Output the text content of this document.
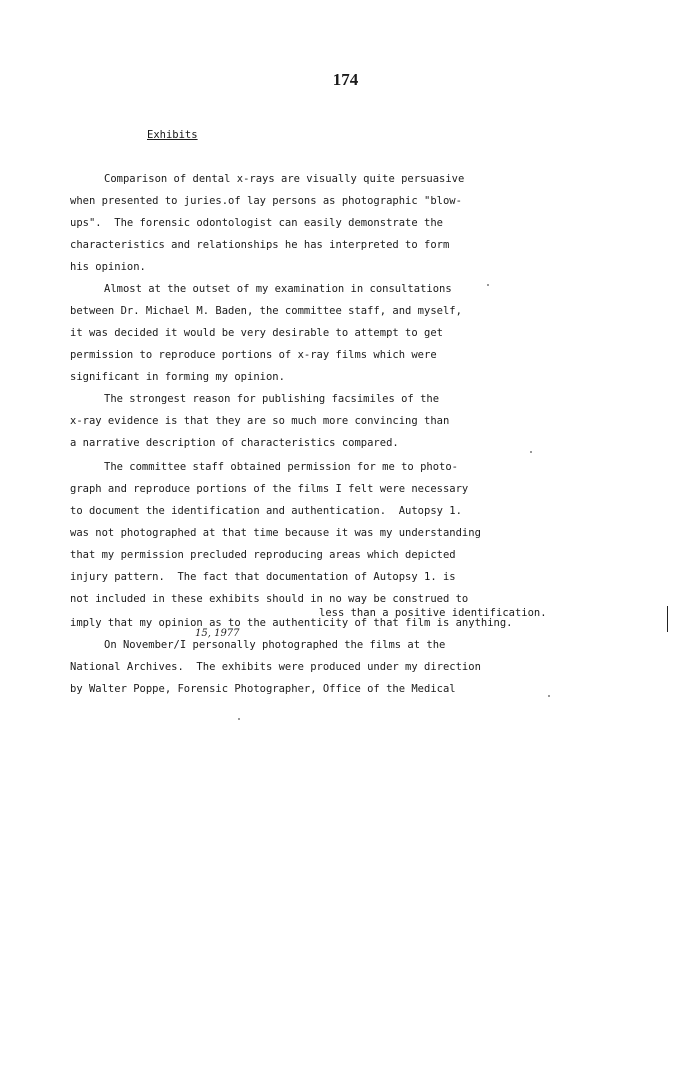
174
Exhibits
Comparison of dental x-rays are visually quite persuasive
when presented to juries.of lay persons as photographic "blow-
ups".  The forensic odontologist can easily demonstrate the
characteristics and relationships he has interpreted to form
his opinion.
Almost at the outset of my examination in consultations
between Dr. Michael M. Baden, the committee staff, and myself,
it was decided it would be very desirable to attempt to get
permission to reproduce portions of x-ray films which were
significant in forming my opinion.
The strongest reason for publishing facsimiles of the
x-ray evidence is that they are so much more convincing than
a narrative description of characteristics compared.
The committee staff obtained permission for me to photo-
graph and reproduce portions of the films I felt were necessary
to document the identification and authentication.  Autopsy 1.
was not photographed at that time because it was my understanding
that my permission precluded reproducing areas which depicted
injury pattern.  The fact that documentation of Autopsy 1. is
not included in these exhibits should in no way be construed to
less than a positive identification.
imply that my opinion as to the authenticity of that film is anything.
15, 1977
On November/I personally photographed the films at the
National Archives.  The exhibits were produced under my direction
by Walter Poppe, Forensic Photographer, Office of the Medical
